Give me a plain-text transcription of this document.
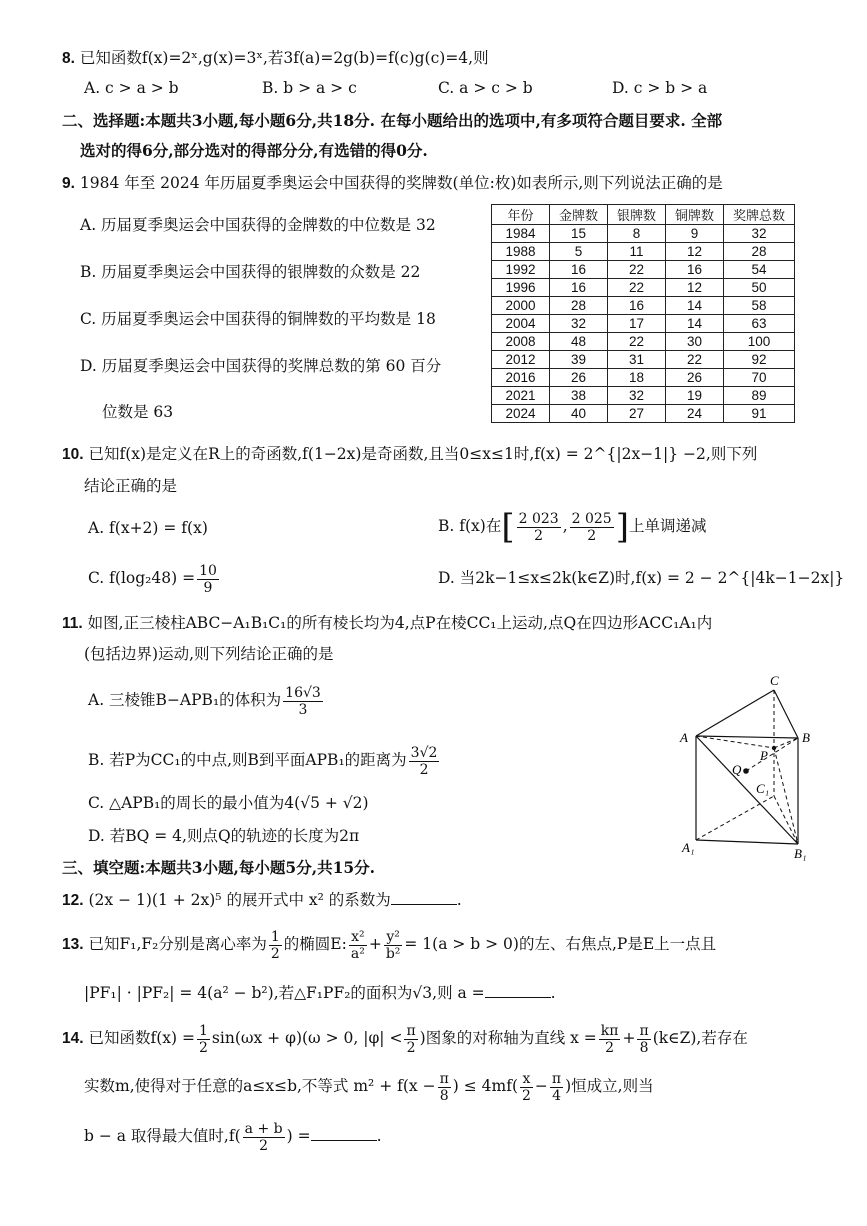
8. 已知函数f(x)=2ˣ,g(x)=3ˣ,若3f(a)=2g(b)=f(c)g(c)=4,则
A. c > a > b	B. b > a > c	C. a > c > b	D. c > b > a
二、选择题:本题共3小题,每小题6分,共18分. 在每小题给出的选项中,有多项符合题目要求. 全部
选对的得6分,部分选对的得部分分,有选错的得0分.
9. 1984 年至 2024 年历届夏季奥运会中国获得的奖牌数(单位:枚)如表所示,则下列说法正确的是
A. 历届夏季奥运会中国获得的金牌数的中位数是 32
B. 历届夏季奥运会中国获得的银牌数的众数是 22
C. 历届夏季奥运会中国获得的铜牌数的平均数是 18
D. 历届夏季奥运会中国获得的奖牌总数的第 60 百分
位数是 63
年份	金牌数	银牌数	铜牌数	奖牌总数
1984	15	8	9	32
1988	5	11	12	28
1992	16	22	16	54
1996	16	22	12	50
2000	28	16	14	58
2004	32	17	14	63
2008	48	22	30	100
2012	39	31	22	92
2016	26	18	26	70
2021	38	32	19	89
2024	40	27	24	91
10. 已知f(x)是定义在R上的奇函数,f(1−2x)是奇函数,且当0≤x≤1时,f(x) = 2^{|2x−1|} −2,则下列
结论正确的是
A. f(x+2) = f(x)	B. f(x)在[ $\frac{2 023}{2}$ , $\frac{2 025}{2}$ ]上单调递减
C. $f(\log_248) = \frac{10}{9}$	D. 当2k−1≤x≤2k(k∈Z)时,f(x) = 2 − 2^{|4k−1−2x|}
11. 如图,正三棱柱ABC−A₁B₁C₁的所有棱长均为4,点P在棱CC₁上运动,点Q在四边形ACC₁A₁内
(包括边界)运动,则下列结论正确的是
A. 三棱锥B−APB₁的体积为 $\frac{16√3}{3}$
B. 若P为CC₁的中点,则B到平面APB₁的距离为 $\frac{3√2}{2}$
C. △APB₁的周长的最小值为4(√5 + √2)
D. 若BQ = 4,则点Q的轨迹的长度为2π
A	B
C
P
Q
C₁
A₁	B₁
三、填空题:本题共3小题,每小题5分,共15分.
12. (2x − 1)(1 + 2x)⁵ 的展开式中 x² 的系数为	.
13. 已知F₁,F₂分别是离心率为 $\frac{1}{2}$ 的椭圆E: $\frac{\text{x²}}{\text{a²}} + \frac{\text{y²}}{\text{b²}} = 1(a > b > 0)$的左、右焦点,P是E上一点且
|PF₁| · |PF₂| = 4(a² − b²),若△F₁PF₂的面积为√3,则 a =	.
14. 已知函数$f(x) = \frac{1}{2} \sin(\omega x + \varphi)(\omega > 0$, $|\varphi| < \frac{\pi}{2}$ )图象的对称轴为直线 $x = \frac{k\pi}{2} + \frac{\pi}{8}$ (k∈Z),若存在
实数m,使得对于任意的a≤x≤b,不等式 $m^2 + f(x - \frac{\pi}{8}$ ) ≤ $4mf( \frac{x}{2} - \frac{\pi}{4}$ )恒成立,则当
b − a 取得最大值时$,f( \frac{a + b}{2}$ ) =	.
